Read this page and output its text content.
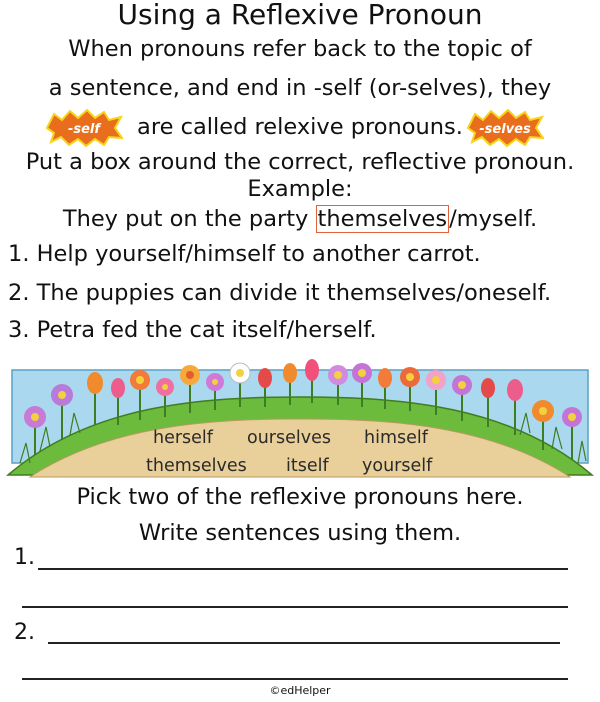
Using a Reflexive Pronoun
When pronouns refer back to the topic of
a sentence, and end in -self (or-selves), they
are called relexive pronouns.
-self	-selves
Put a box around the correct, reflective pronoun.
Example:
They put on the party themselves/myself.
1. Help yourself/himself to another carrot.
2. The puppies can divide it themselves/oneself.
3. Petra fed the cat itself/herself.
herself ourselves himself
themselves itself yourself
Pick two of the reflexive pronouns here.
Write sentences using them.
1.
2.
©edHelper
